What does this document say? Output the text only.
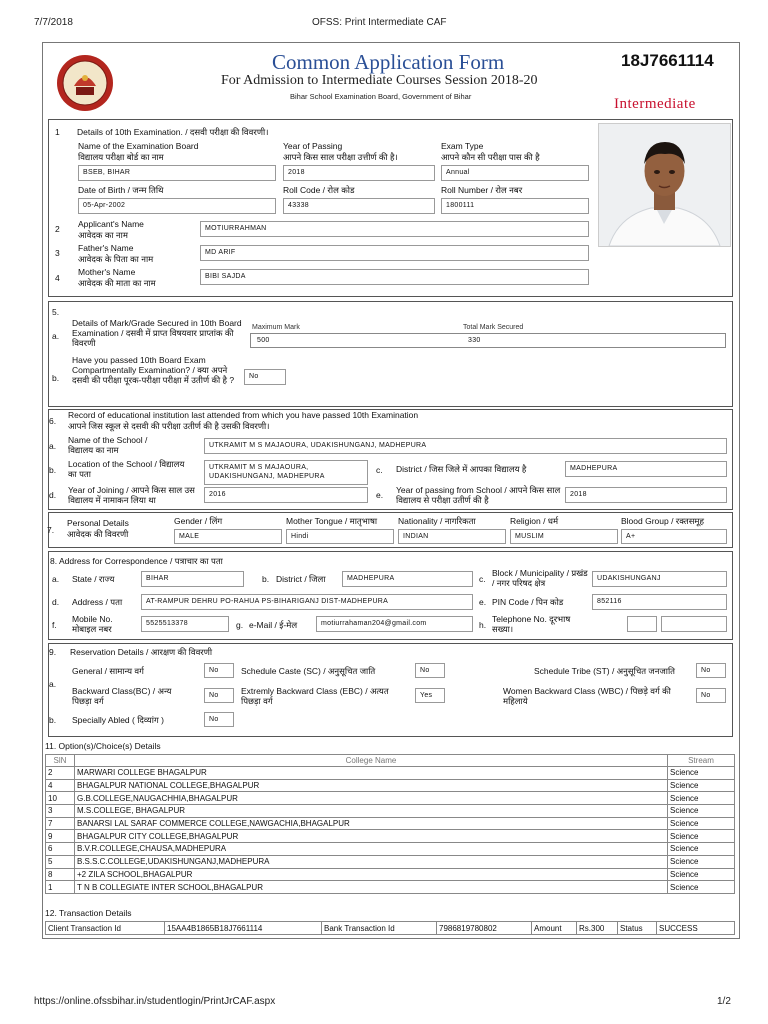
7/7/2018	OFSS: Print Intermediate CAF
https://online.ofssbihar.in/studentlogin/PrintJrCAF.aspx	1/2
Common Application Form
For Admission to Intermediate Courses Session 2018-20
Bihar School Examination Board, Government of Bihar
18J7661114
Intermediate
1 Details of 10th Examination. / दसवी परीक्षा की विवरणी।
Name of the Examination Board
विद्यालय परीक्षा बोर्ड का नाम
BSEB, BIHAR
Year of Passing
आपने किस साल परीक्षा उत्तीर्ण की है।
2018
Exam Type
आपने कौन सी परीक्षा पास की है
Annual
Date of Birth / जन्म तिथि
05-Apr-2002
Roll Code / रोल कोड
43338
Roll Number / रोल नबर
1800111
2 Applicant's Name
आवेदक का नाम
MOTIURRAHMAN
3 Father's Name
आवेदक के पिता का नाम
MD ARIF
4
Mother's Name
आवेदक की माता का नाम
BIBI SAJDA
5.
a.
Details of Mark/Grade Secured in 10th Board Examination / दसवी में प्राप्त विषयवार प्राप्तांक की विवरणी
Maximum Mark	Total Mark Secured
500	330
b.
Have you passed 10th Board Exam Compartmentally Examination? / क्या अपने दसवी की परीक्षा पूरक-परीक्षा परीक्षा में उतीर्ण की है ?	No
6.
Record of educational institution last attended from which you have passed 10th Examination
आपने जिस स्कूल से दसवी की परीक्षा उतीर्ण की है उसकी विवरणी।
a.
Name of the School / विद्यालय का नाम	UTKRAMIT M S MAJAOURA, UDAKISHUNGANJ, MADHEPURA
b.
Location of the School / विद्यालय का पता
UTKRAMIT M S MAJAOURA, UDAKISHUNGANJ, MADHEPURA
c. District / जिस जिले में आपका विद्यालय है	MADHEPURA
d. Year of Joining / आपने किस साल उस विद्यालय में नामाकन लिया था
2016	e. Year of passing from School / आपने किस साल विद्यालय से परीक्षा उतीर्ण की है
2018
7.
Personal Details
आवेदक की विवरणी
Gender / लिंग
MALE
Mother Tongue / मातृभाषा
Hindi
Nationality / नागरिकता
INDIAN
Religion / धर्म
MUSLIM
Blood Group / रक्तसमूह
A+
8. Address for Correspondence / पत्राचार का पता
a. State / राज्य	BIHAR	b. District / जिला	MADHEPURA	c.
Block / Municipality / प्रखंड / नगर परिषद क्षेत्र	UDAKISHUNGANJ
d. Address / पता	AT-RAMPUR DEHRU PO-RAHUA PS-BIHARIGANJ DIST-MADHEPURA	e. PIN Code / पिन कोड	852116
f.
Mobile No. मोबाइल नबर
5525513378	g. e-Mail / ई-मेल	motiurrahaman204@gmail.com	h.
Telephone No. दूरभाष सख्या।
9. Reservation Details / आरक्षण की विवरणी
a.
General / सामान्य वर्ग	No	Schedule Caste (SC) / अनुसूचित जाति	No	Schedule Tribe (ST) / अनुसूचित जनजाति	No
Backward Class(BC) / अन्य पिछड़ा वर्ग
No	Extremly Backward Class (EBC) / अत्यत पिछड़ा वर्ग
Yes	Women Backward Class (WBC) / पिछड़े वर्ग की महिलाये
No
b. Specially Abled ( दिव्यांग )	No
11. Option(s)/Choice(s) Details
SlN	College Name	Stream
2	MARWARI COLLEGE BHAGALPUR	Science
4	BHAGALPUR NATIONAL COLLEGE,BHAGALPUR	Science
10	G.B.COLLEGE,NAUGACHHIA,BHAGALPUR	Science
3	M.S.COLLEGE, BHAGALPUR	Science
7	BANARSI LAL SARAF COMMERCE COLLEGE,NAWGACHIA,BHAGALPUR	Science
9	BHAGALPUR CITY COLLEGE,BHAGALPUR	Science
6	B.V.R.COLLEGE,CHAUSA,MADHEPURA	Science
5	B.S.S.C.COLLEGE,UDAKISHUNGANJ,MADHEPURA	Science
8	+2 ZILA SCHOOL,BHAGALPUR	Science
1	T N B COLLEGIATE INTER SCHOOL,BHAGALPUR	Science
12. Transaction Details
Client Transaction Id	15AA4B1865B18J7661114	Bank Transaction Id	7986819780802	Amount	Rs.300	Status	SUCCESS
